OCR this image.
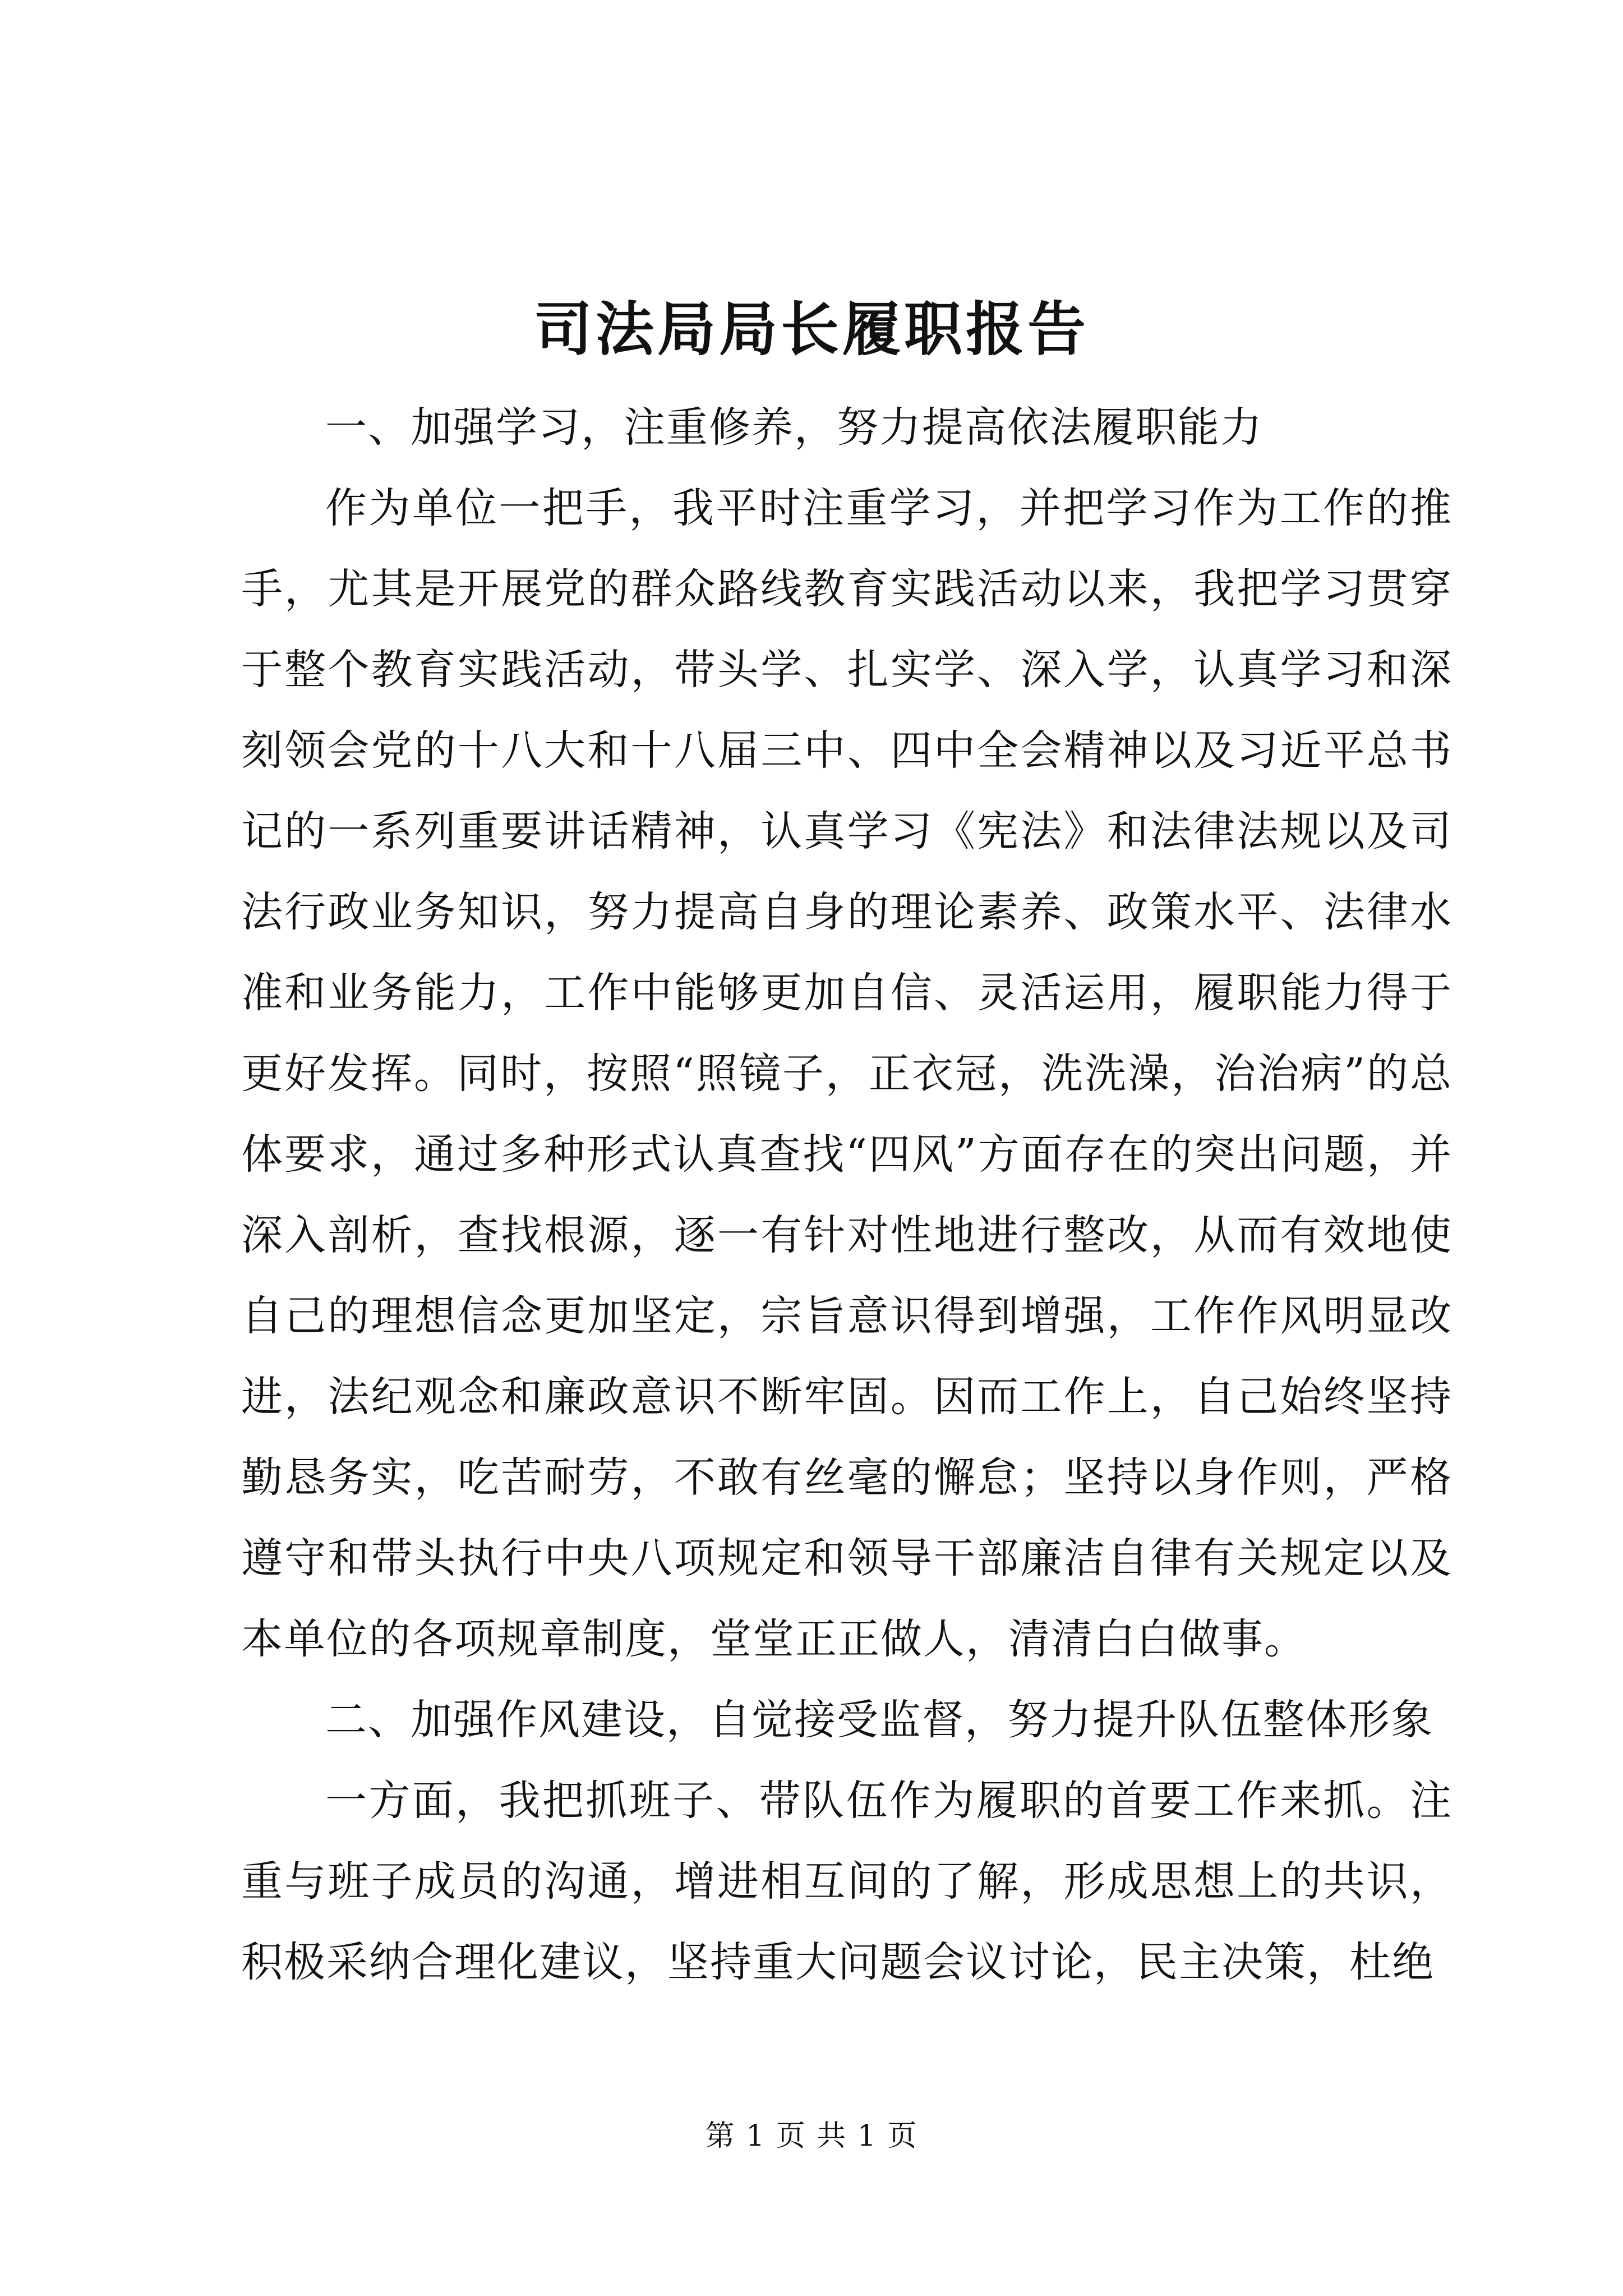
司法局局长履职报告

一、加强学习，注重修养，努力提高依法履职能力

作为单位一把手，我平时注重学习，并把学习作为工作的推手，尤其是开展党的群众路线教育实践活动以来，我把学习贯穿于整个教育实践活动，带头学、扎实学、深入学，认真学习和深刻领会党的十八大和十八届三中、四中全会精神以及习近平总书记的一系列重要讲话精神，认真学习《宪法》和法律法规以及司法行政业务知识，努力提高自身的理论素养、政策水平、法律水准和业务能力，工作中能够更加自信、灵活运用，履职能力得于更好发挥。同时，按照“照镜子，正衣冠，洗洗澡，治治病”的总体要求，通过多种形式认真查找“四风”方面存在的突出问题，并深入剖析，查找根源，逐一有针对性地进行整改，从而有效地使自己的理想信念更加坚定，宗旨意识得到增强，工作作风明显改进，法纪观念和廉政意识不断牢固。因而工作上，自己始终坚持勤恳务实，吃苦耐劳，不敢有丝毫的懈怠；坚持以身作则，严格遵守和带头执行中央八项规定和领导干部廉洁自律有关规定以及本单位的各项规章制度，堂堂正正做人，清清白白做事。

二、加强作风建设，自觉接受监督，努力提升队伍整体形象

一方面，我把抓班子、带队伍作为履职的首要工作来抓。注重与班子成员的沟通，增进相互间的了解，形成思想上的共识，积极采纳合理化建议，坚持重大问题会议讨论，民主决策，杜绝

第 1 页 共 1 页
